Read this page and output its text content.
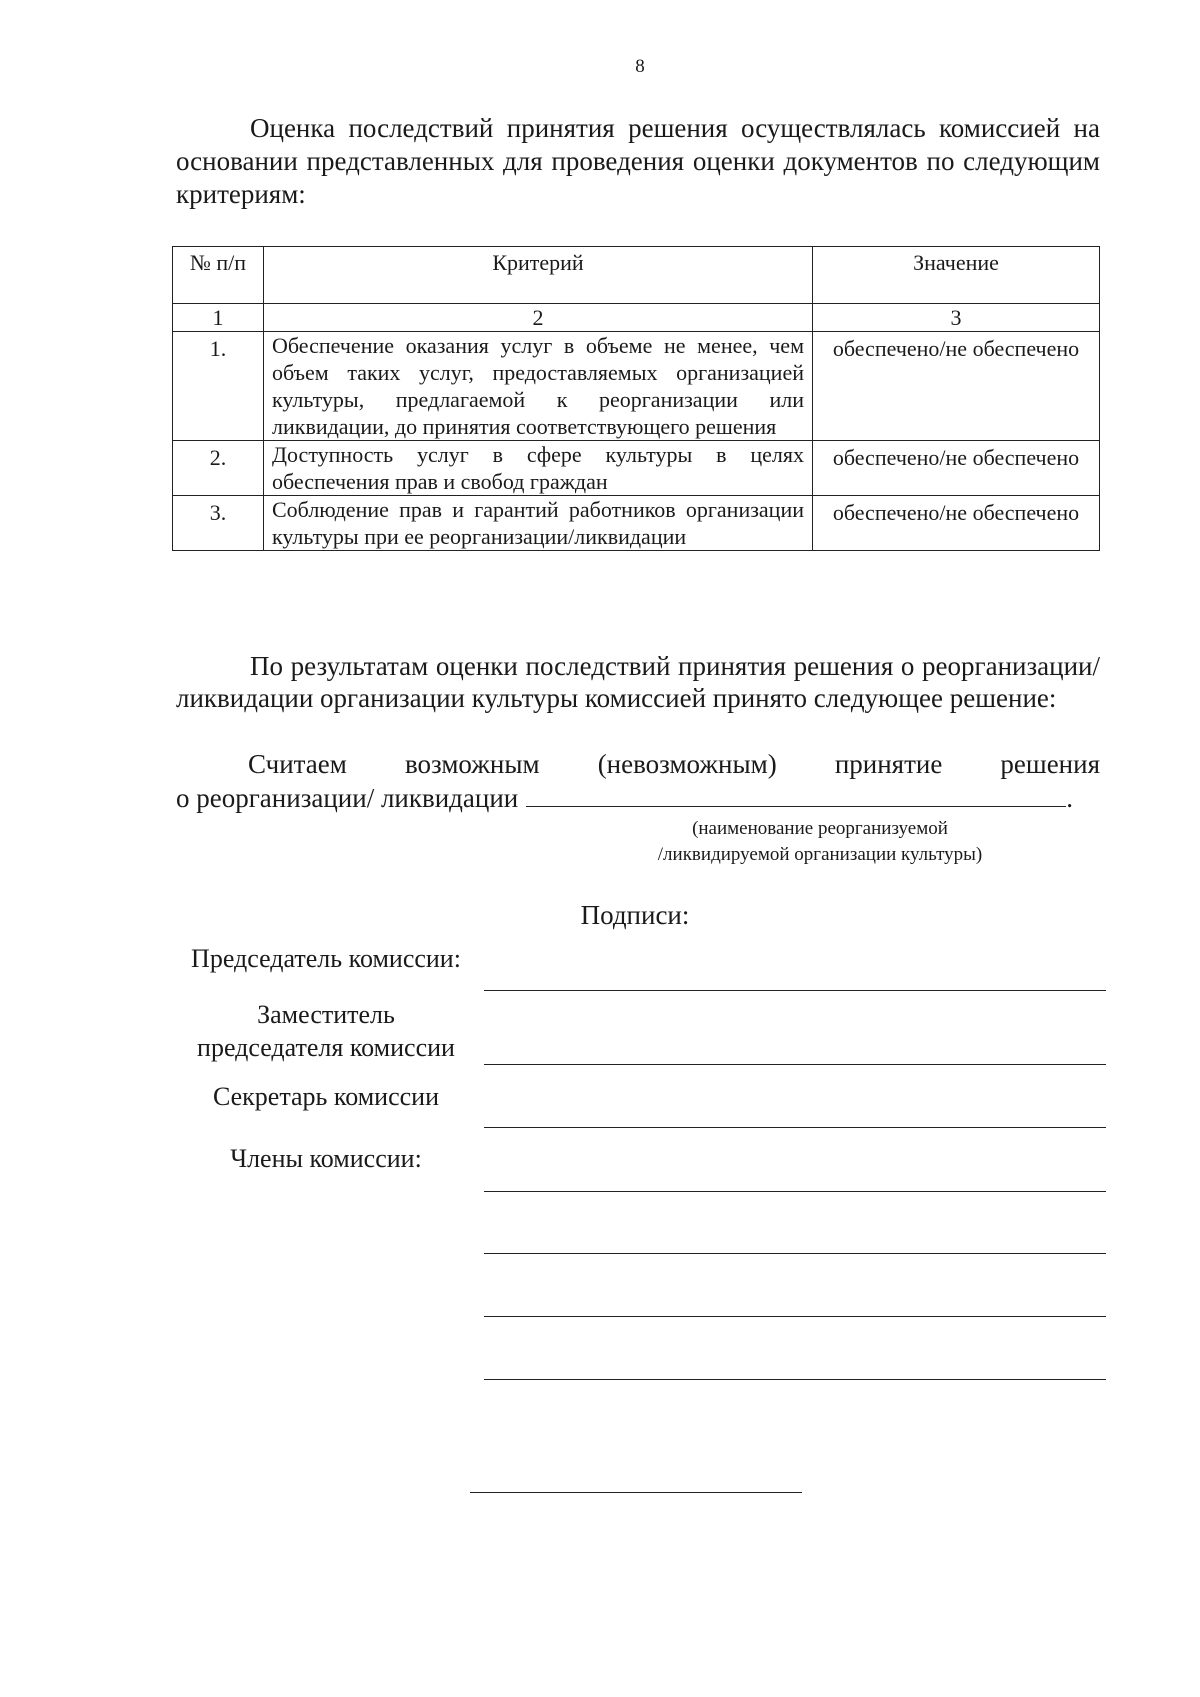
8
Оценка последствий принятия решения осуществлялась комиссией на основании представленных для проведения оценки документов по следующим критериям:
№ п/п	Критерий	Значение
1	2	3
1.	Обеспечение оказания услуг в объеме не менее, чем объем таких услуг, предоставляемых организацией культуры, предлагаемой к реорганизации или ликвидации, до принятия соответствующего решения	обеспечено/не обеспечено
2.	Доступность услуг в сфере культуры в целях обеспечения прав и свобод граждан	обеспечено/не обеспечено
3.	Соблюдение прав и гарантий работников организации культуры при ее реорганизации/ликвидации	обеспечено/не обеспечено
По результатам оценки последствий принятия решения о реорганизации/ликвидации организации культуры комиссией принято следующее решение:
Считаем возможным (невозможным) принятие решения
о реорганизации/ ликвидации	.
(наименование реорганизуемой
/ликвидируемой организации культуры)
Подписи:
Председатель комиссии:
Заместитель
председателя комиссии
Секретарь комиссии
Члены комиссии:
